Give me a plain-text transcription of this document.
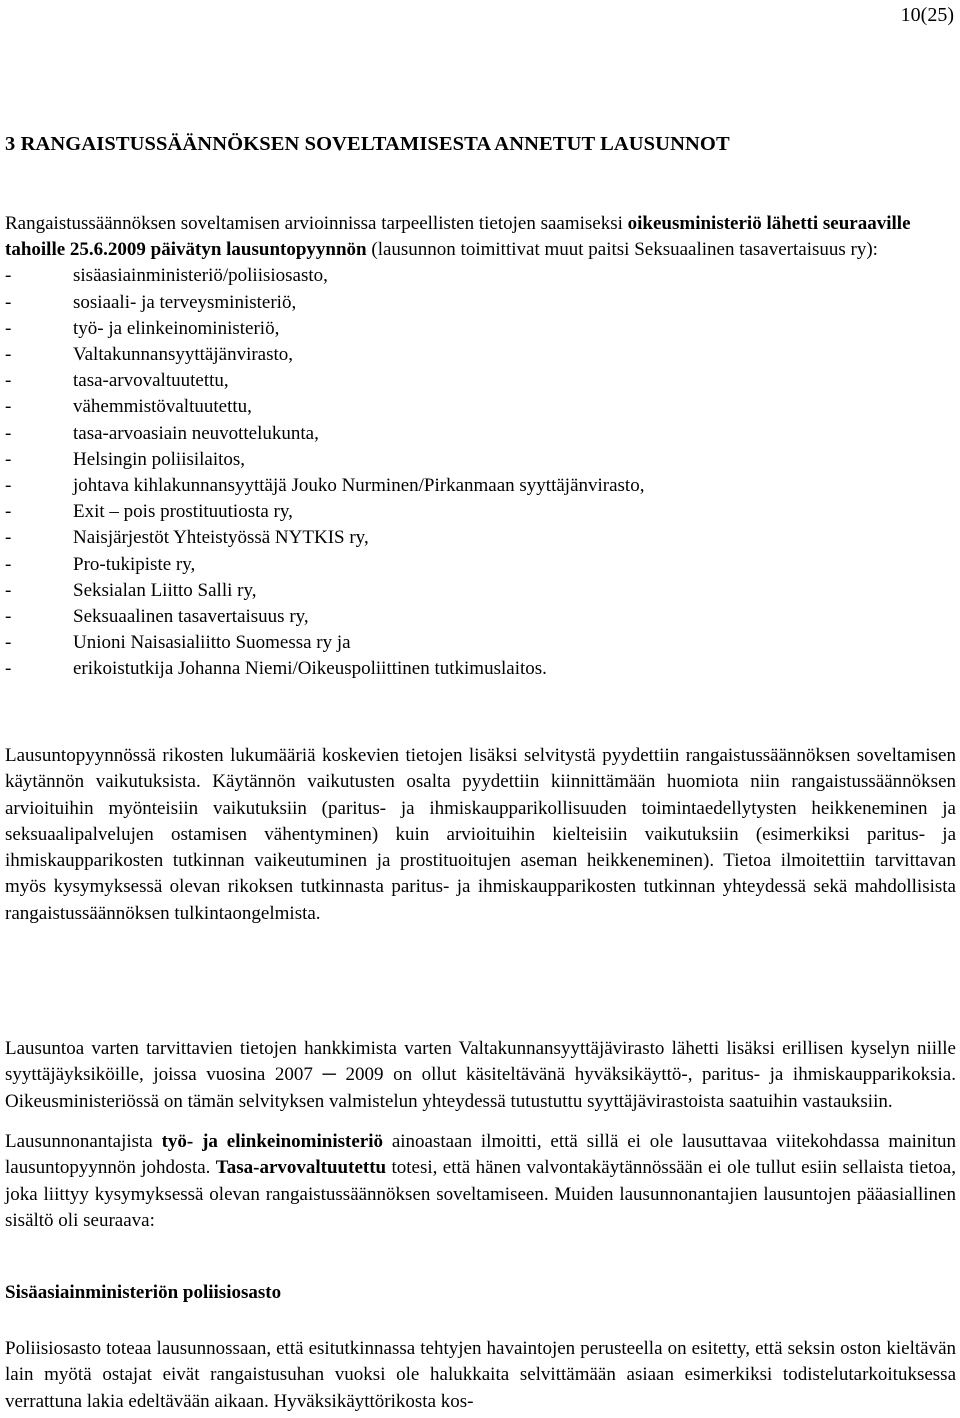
10(25)
3 RANGAISTUSSÄÄNNÖKSEN SOVELTAMISESTA ANNETUT LAUSUNNOT

Rangaistussäännöksen soveltamisen arvioinnissa tarpeellisten tietojen saamiseksi oikeusministeriö lähetti seuraaville tahoille 25.6.2009 päivätyn lausuntopyynnön (lausunnon toimittivat muut paitsi Seksuaalinen tasavertaisuus ry):

-	sisäasiainministeriö/poliisiosasto,
-	sosiaali- ja terveysministeriö,
-	työ- ja elinkeinoministeriö,
-	Valtakunnansyyttäjänvirasto,
-	tasa-arvovaltuutettu,
-	vähemmistövaltuutettu,
-	tasa-arvoasiain neuvottelukunta,
-	Helsingin poliisilaitos,
-	johtava kihlakunnansyyttäjä Jouko Nurminen/Pirkanmaan syyttäjänvirasto,
-	Exit – pois prostituutiosta ry,
-	Naisjärjestöt Yhteistyössä NYTKIS ry,
-	Pro-tukipiste ry,
-	Seksialan Liitto Salli ry,
-	Seksuaalinen tasavertaisuus ry,
-	Unioni Naisasialiitto Suomessa ry ja
-	erikoistutkija Johanna Niemi/Oikeuspoliittinen tutkimuslaitos.

Lausuntopyynnössä rikosten lukumääriä koskevien tietojen lisäksi selvitystä pyydettiin rangaistussäännöksen soveltamisen käytännön vaikutuksista. Käytännön vaikutusten osalta pyydettiin kiinnittämään huomiota niin rangaistussäännöksen arvioituihin myönteisiin vaikutuksiin (paritus- ja ihmiskaupparikollisuuden toimintaedellytysten heikkeneminen ja seksuaalipalvelujen ostamisen vähentyminen) kuin arvioituihin kielteisiin vaikutuksiin (esimerkiksi paritus- ja ihmiskaupparikosten tutkinnan vaikeutuminen ja prostituoitujen aseman heikkeneminen). Tietoa ilmoitettiin tarvittavan myös kysymyksessä olevan rikoksen tutkinnasta paritus- ja ihmiskaupparikosten tutkinnan yhteydessä sekä mahdollisista rangaistussäännöksen tulkintaongelmista.

Lausuntoa varten tarvittavien tietojen hankkimista varten Valtakunnansyyttäjävirasto lähetti lisäksi erillisen kyselyn niille syyttäjäyksiköille, joissa vuosina 2007 ─ 2009 on ollut käsiteltävänä hyväksikäyttö-, paritus- ja ihmiskaupparikoksia. Oikeusministeriössä on tämän selvityksen valmistelun yhteydessä tutustuttu syyttäjävirastoista saatuihin vastauksiin.

Lausunnonantajista työ- ja elinkeinoministeriö ainoastaan ilmoitti, että sillä ei ole lausuttavaa viitekohdassa mainitun lausuntopyynnön johdosta. Tasa-arvovaltuutettu totesi, että hänen valvontakäytännössään ei ole tullut esiin sellaista tietoa, joka liittyy kysymyksessä olevan rangaistussäännöksen soveltamiseen. Muiden lausunnonantajien lausuntojen pääasiallinen sisältö oli seuraava:

Sisäasiainministeriön poliisiosasto

Poliisiosasto toteaa lausunnossaan, että esitutkinnassa tehtyjen havaintojen perusteella on esitetty, että seksin oston kieltävän lain myötä ostajat eivät rangaistusuhan vuoksi ole halukkaita selvittämään asiaan esimerkiksi todistelutarkoituksessa verrattuna lakia edeltävään aikaan. Hyväksikäyttörikosta kos-
